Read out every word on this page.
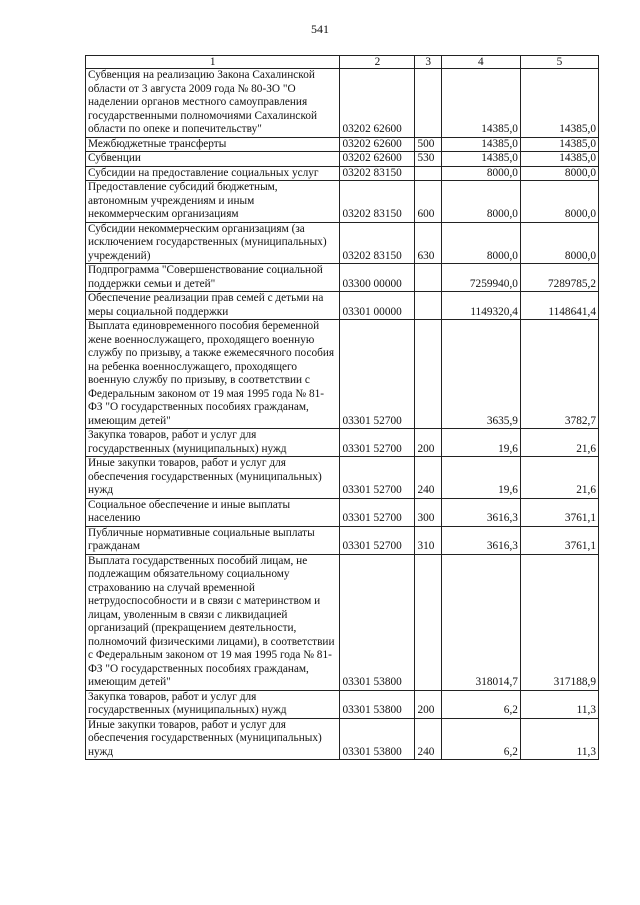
541
1	2	3	4	5
Субвенция на реализацию Закона Сахалинской области от 3 августа 2009 года № 80-ЗО "О наделении органов местного самоуправления государственными полномочиями Сахалинской области по опеке и попечительству"	03202 62600		14385,0	14385,0
Межбюджетные трансферты	03202 62600	500	14385,0	14385,0
Субвенции	03202 62600	530	14385,0	14385,0
Субсидии на предоставление социальных услуг	03202 83150		8000,0	8000,0
Предоставление субсидий бюджетным, автономным учреждениям и иным некоммерческим организациям	03202 83150	600	8000,0	8000,0
Субсидии некоммерческим организациям (за исключением государственных (муниципальных) учреждений)	03202 83150	630	8000,0	8000,0
Подпрограмма "Совершенствование социальной поддержки семьи и детей"	03300 00000		7259940,0	7289785,2
Обеспечение реализации прав семей с детьми на меры социальной поддержки	03301 00000		1149320,4	1148641,4
Выплата единовременного пособия беременной жене военнослужащего, проходящего военную службу по призыву, а также ежемесячного пособия на ребенка военнослужащего, проходящего военную службу по призыву, в соответствии с Федеральным законом от 19 мая 1995 года № 81-ФЗ "О государственных пособиях гражданам, имеющим детей"	03301 52700		3635,9	3782,7
Закупка товаров, работ и услуг для государственных (муниципальных) нужд	03301 52700	200	19,6	21,6
Иные закупки товаров, работ и услуг для обеспечения государственных (муниципальных) нужд	03301 52700	240	19,6	21,6
Социальное обеспечение и иные выплаты населению	03301 52700	300	3616,3	3761,1
Публичные нормативные социальные выплаты гражданам	03301 52700	310	3616,3	3761,1
Выплата государственных пособий лицам, не подлежащим обязательному социальному страхованию на случай временной нетрудоспособности и в связи с материнством и лицам, уволенным в связи с ликвидацией организаций (прекращением деятельности, полномочий физическими лицами), в соответствии с Федеральным законом от 19 мая 1995 года № 81-ФЗ "О государственных пособиях гражданам, имеющим детей"	03301 53800		318014,7	317188,9
Закупка товаров, работ и услуг для государственных (муниципальных) нужд	03301 53800	200	6,2	11,3
Иные закупки товаров, работ и услуг для обеспечения государственных (муниципальных) нужд	03301 53800	240	6,2	11,3
